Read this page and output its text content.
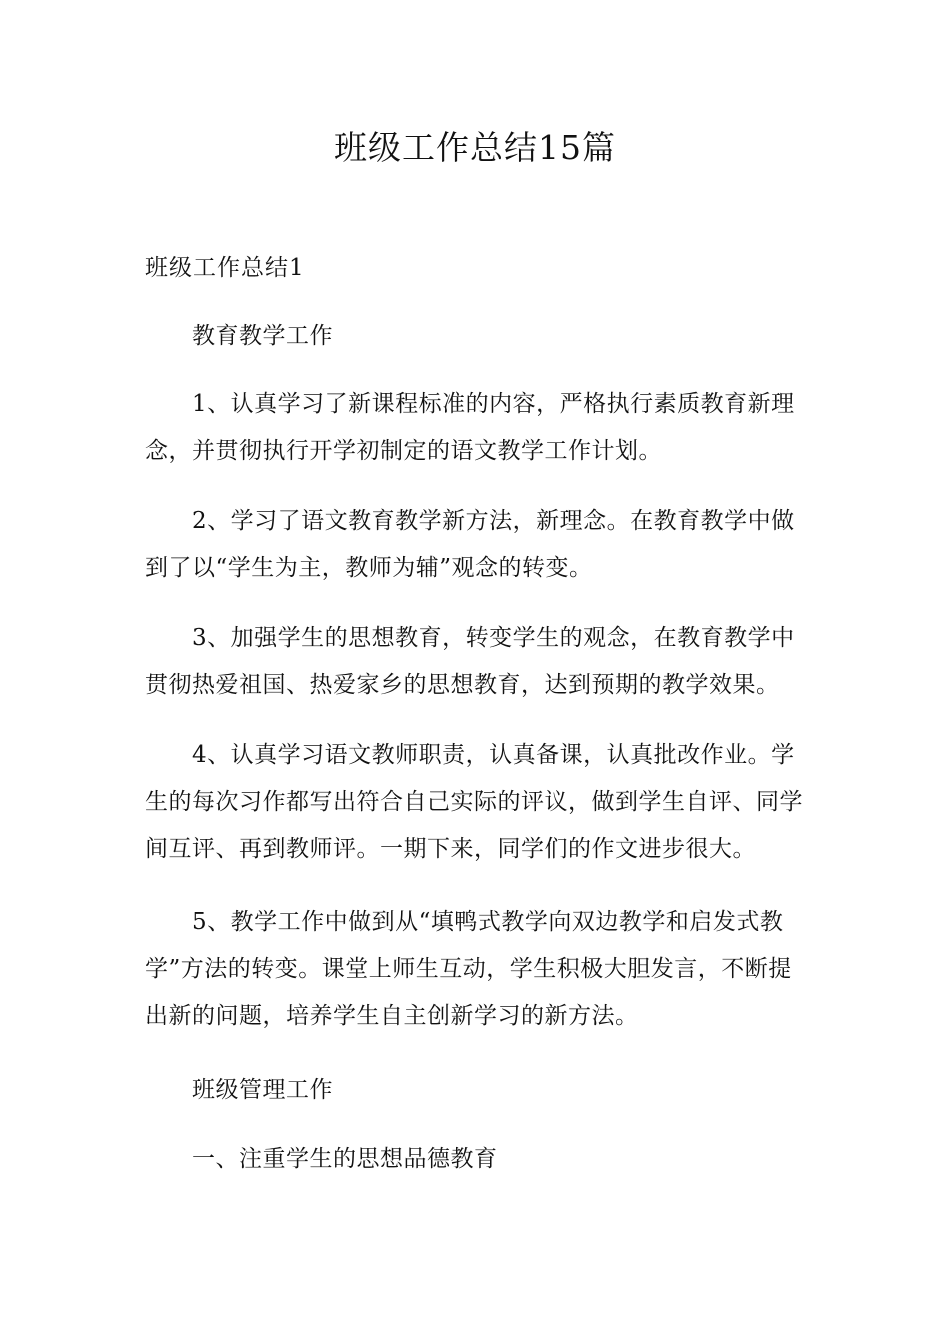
班级工作总结15篇
班级工作总结1
教育教学工作
1、认真学习了新课程标准的内容，严格执行素质教育新理
念，并贯彻执行开学初制定的语文教学工作计划。
2、学习了语文教育教学新方法，新理念。在教育教学中做
到了以“学生为主，教师为辅”观念的转变。
3、加强学生的思想教育，转变学生的观念，在教育教学中
贯彻热爱祖国、热爱家乡的思想教育，达到预期的教学效果。
4、认真学习语文教师职责，认真备课，认真批改作业。学
生的每次习作都写出符合自己实际的评议，做到学生自评、同学
间互评、再到教师评。一期下来，同学们的作文进步很大。
5、教学工作中做到从“填鸭式教学向双边教学和启发式教
学”方法的转变。课堂上师生互动，学生积极大胆发言，不断提
出新的问题，培养学生自主创新学习的新方法。
班级管理工作
一、注重学生的思想品德教育
